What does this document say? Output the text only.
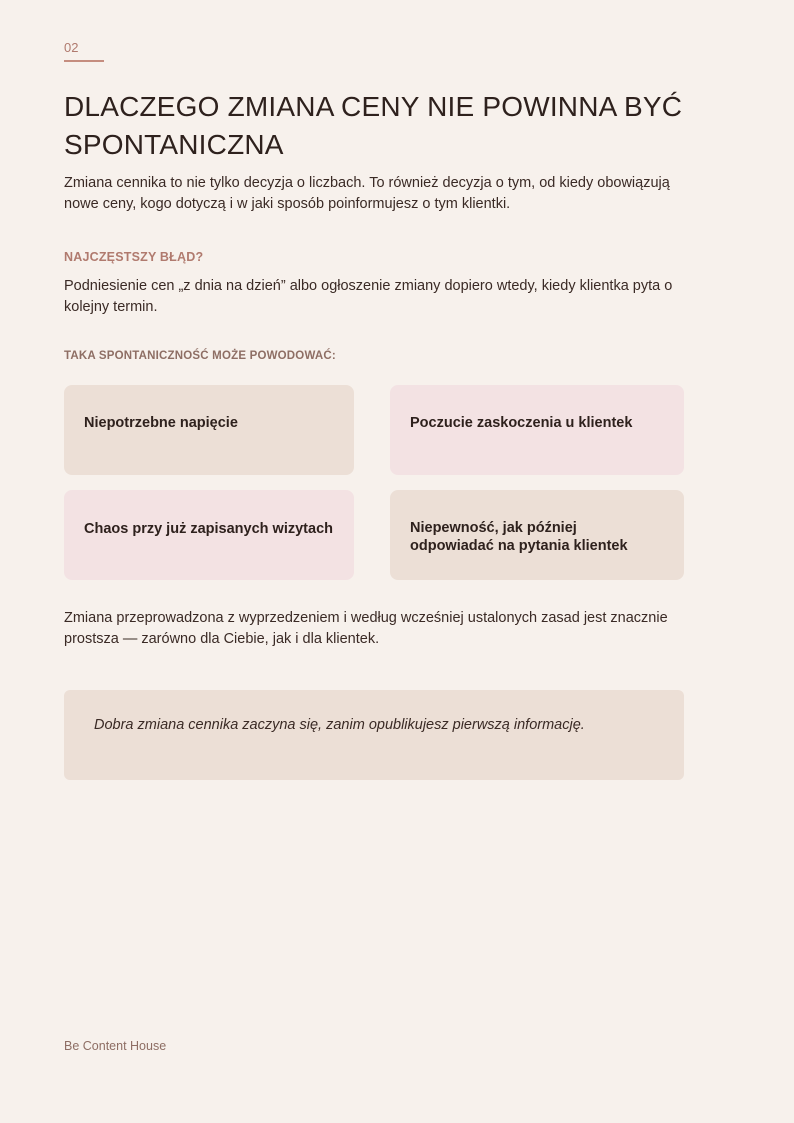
02
DLACZEGO ZMIANA CENY NIE POWINNA BYĆ SPONTANICZNA

Zmiana cennika to nie tylko decyzja o liczbach. To również decyzja o tym, od kiedy obowiązują nowe ceny, kogo dotyczą i w jaki sposób poinformujesz o tym klientki.

NAJCZĘSTSZY BŁĄD?

Podniesienie cen „z dnia na dzień” albo ogłoszenie zmiany dopiero wtedy, kiedy klientka pyta o kolejny termin.

TAKA SPONTANICZNOŚĆ MOŻE POWODOWAĆ:
Niepotrzebne napięcie	Poczucie zaskoczenia u klientek
Chaos przy już zapisanych wizytach	Niepewność, jak później odpowiadać na pytania klientek

Zmiana przeprowadzona z wyprzedzeniem i według wcześniej ustalonych zasad jest znacznie prostsza — zarówno dla Ciebie, jak i dla klientek.

Dobra zmiana cennika zaczyna się, zanim opublikujesz pierwszą informację.

Be Content House
